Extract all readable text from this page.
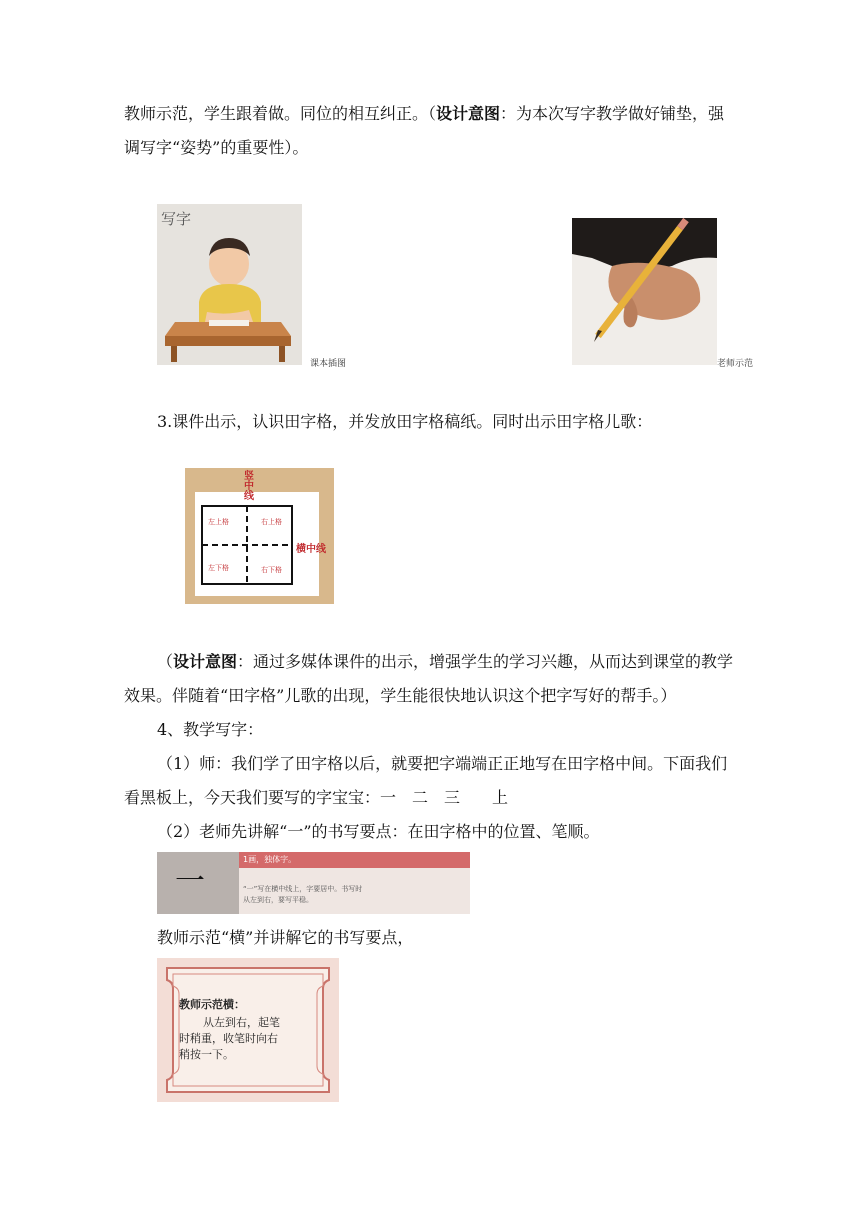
教师示范，学生跟着做。同位的相互纠正。（设计意图：为本次写字教学做好铺垫，强
调写字“姿势”的重要性）。
写字
课本插图	老师示范
3.课件出示，认识田字格，并发放田字格稿纸。同时出示田字格儿歌：
竖中线
横中线
左上格	右上格
左下格	右下格
（设计意图：通过多媒体课件的出示，增强学生的学习兴趣，从而达到课堂的教学
效果。伴随着“田字格”儿歌的出现，学生能很快地认识这个把字写好的帮手。）
4、教学写字：
（1）师：我们学了田字格以后，就要把字端端正正地写在田字格中间。下面我们
看黑板上，今天我们要写的字宝宝：一　二　三　　上
（2）老师先讲解“一”的书写要点：在田字格中的位置、笔顺。
一
1画，独体字。
“一”写在横中线上，字要居中。书写时
从左到右，要写平稳。
教师示范“横”并讲解它的书写要点，
教师示范横：
从左到右，起笔
时稍重，收笔时向右
稍按一下。
